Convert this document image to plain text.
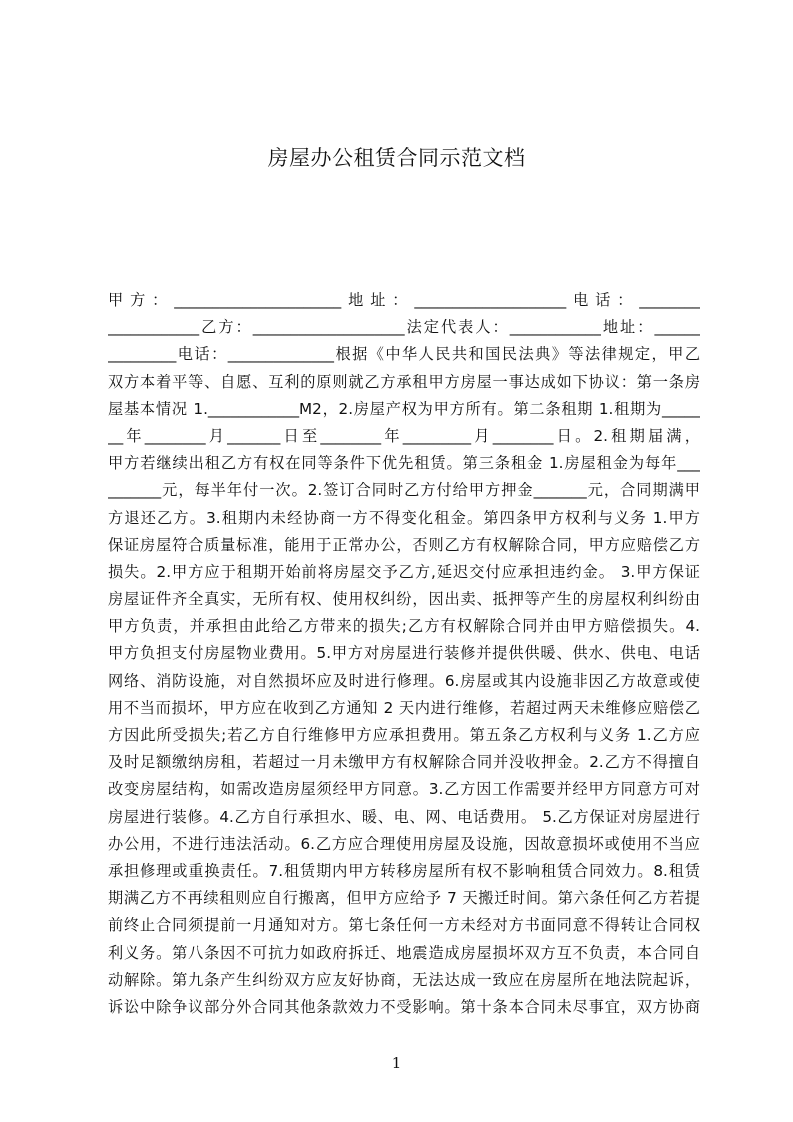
房屋办公租赁合同示范文档
甲方：______________________地址：____________________电话：________
____________乙方：____________________法定代表人：____________地址：______
_________电话：______________根据《中华人民共和国民法典》等法律规定，甲乙
双方本着平等、自愿、互利的原则就乙方承租甲方房屋一事达成如下协议：第一条房
屋基本情况 1.____________M2，2.房屋产权为甲方所有。第二条租期 1.租期为_____
__年________月_______日至________年_________月________日。2.租期届满，
甲方若继续出租乙方有权在同等条件下优先租赁。第三条租金 1.房屋租金为每年___
_______元，每半年付一次。2.签订合同时乙方付给甲方押金_______元，合同期满甲
方退还乙方。3.租期内未经协商一方不得变化租金。第四条甲方权利与义务 1.甲方
保证房屋符合质量标准，能用于正常办公，否则乙方有权解除合同，甲方应赔偿乙方
损失。2.甲方应于租期开始前将房屋交予乙方,延迟交付应承担违约金。 3.甲方保证
房屋证件齐全真实，无所有权、使用权纠纷，因出卖、抵押等产生的房屋权利纠纷由
甲方负责，并承担由此给乙方带来的损失;乙方有权解除合同并由甲方赔偿损失。4.
甲方负担支付房屋物业费用。5.甲方对房屋进行装修并提供供暖、供水、供电、电话
网络、消防设施，对自然损坏应及时进行修理。6.房屋或其内设施非因乙方故意或使
用不当而损坏，甲方应在收到乙方通知 2 天内进行维修，若超过两天未维修应赔偿乙
方因此所受损失;若乙方自行维修甲方应承担费用。第五条乙方权利与义务 1.乙方应
及时足额缴纳房租，若超过一月未缴甲方有权解除合同并没收押金。2.乙方不得擅自
改变房屋结构，如需改造房屋须经甲方同意。3.乙方因工作需要并经甲方同意方可对
房屋进行装修。4.乙方自行承担水、暖、电、网、电话费用。 5.乙方保证对房屋进行
办公用，不进行违法活动。6.乙方应合理使用房屋及设施，因故意损坏或使用不当应
承担修理或重换责任。7.租赁期内甲方转移房屋所有权不影响租赁合同效力。8.租赁
期满乙方不再续租则应自行搬离，但甲方应给予 7 天搬迁时间。第六条任何乙方若提
前终止合同须提前一月通知对方。第七条任何一方未经对方书面同意不得转让合同权
利义务。第八条因不可抗力如政府拆迁、地震造成房屋损坏双方互不负责，本合同自
动解除。第九条产生纠纷双方应友好协商，无法达成一致应在房屋所在地法院起诉，
诉讼中除争议部分外合同其他条款效力不受影响。第十条本合同未尽事宜，双方协商
1
